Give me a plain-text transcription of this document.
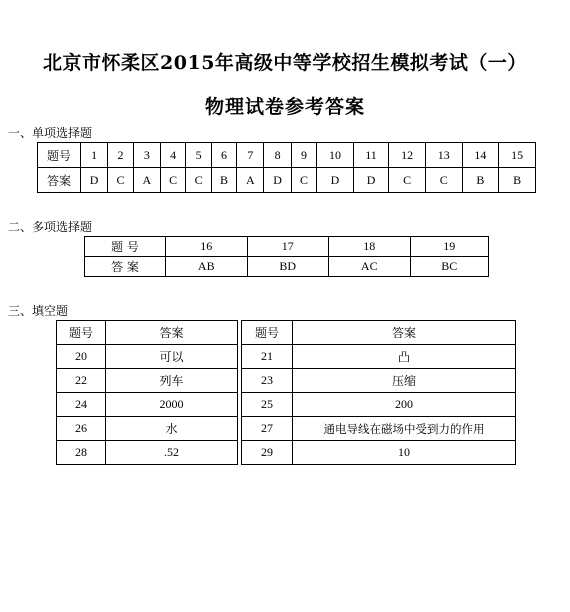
北京市怀柔区2015年高级中等学校招生模拟考试（一）
物理试卷参考答案
一、单项选择题
题号	1	2	3	4	5	6	7	8	9	10	11	12	13	14	15
答案	D	C	A	C	C	B	A	D	C	D	D	C	C	B	B
二、多项选择题
题 号	16	17	18	19
答 案	AB	BD	AC	BC
三、填空题
题号	答案
20	可以
22	列车
24	2000
26	水
28	.52
题号	答案
21	凸
23	压缩
25	200
27	通电导线在磁场中受到力的作用
29	10
